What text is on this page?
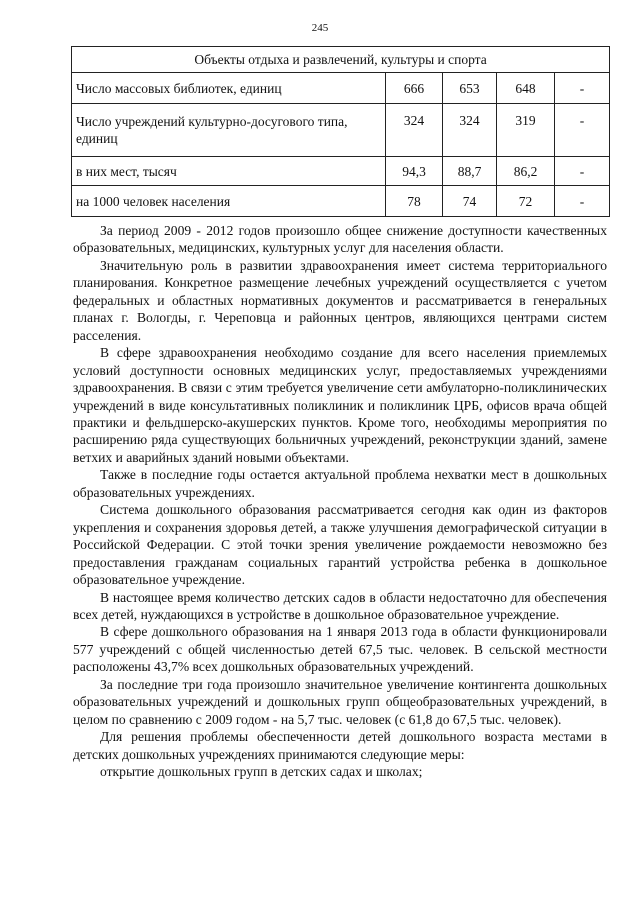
245
Объекты отдыха и развлечений, культуры и спорта				
Число массовых библиотек, единиц	666	653	648	-
Число учреждений культурно-досугового типа, единиц	324	324	319	-
в них мест, тысяч	94,3	88,7	86,2	-
на 1000 человек населения	78	74	72	-

За период 2009 - 2012 годов произошло общее снижение доступности качественных образовательных, медицинских, культурных услуг для населения области.

Значительную роль в развитии здравоохранения имеет система территориального планирования. Конкретное размещение лечебных учреждений осуществляется с учетом федеральных и областных нормативных документов и рассматривается в генеральных планах г. Вологды, г. Череповца и районных центров, являющихся центрами систем расселения.

В сфере здравоохранения необходимо создание для всего населения приемлемых условий доступности основных медицинских услуг, предоставляемых учреждениями здравоохранения. В связи с этим требуется увеличение сети амбулаторно-поликлинических учреждений в виде консультативных поликлиник и поликлиник ЦРБ, офисов врача общей практики и фельдшерско-акушерских пунктов. Кроме того, необходимы мероприятия по расширению ряда существующих больничных учреждений, реконструкции зданий, замене ветхих и аварийных зданий новыми объектами.

Также в последние годы остается актуальной проблема нехватки мест в дошкольных образовательных учреждениях.

Система дошкольного образования рассматривается сегодня как один из факторов укрепления и сохранения здоровья детей, а также улучшения демографической ситуации в Российской Федерации. С этой точки зрения увеличение рождаемости невозможно без предоставления гражданам социальных гарантий устройства ребенка в дошкольное образовательное учреждение.

В настоящее время количество детских садов в области недостаточно для обеспечения всех детей, нуждающихся в устройстве в дошкольное образовательное учреждение.

В сфере дошкольного образования на 1 января 2013 года в области функционировали 577 учреждений с общей численностью детей 67,5 тыс. человек. В сельской местности расположены 43,7% всех дошкольных образовательных учреждений.

За последние три года произошло значительное увеличение контингента дошкольных образовательных учреждений и дошкольных групп общеобразовательных учреждений, в целом по сравнению с 2009 годом - на 5,7 тыс. человек (с 61,8 до 67,5 тыс. человек).

Для решения проблемы обеспеченности детей дошкольного возраста местами в детских дошкольных учреждениях принимаются следующие меры:

открытие дошкольных групп в детских садах и школах;
